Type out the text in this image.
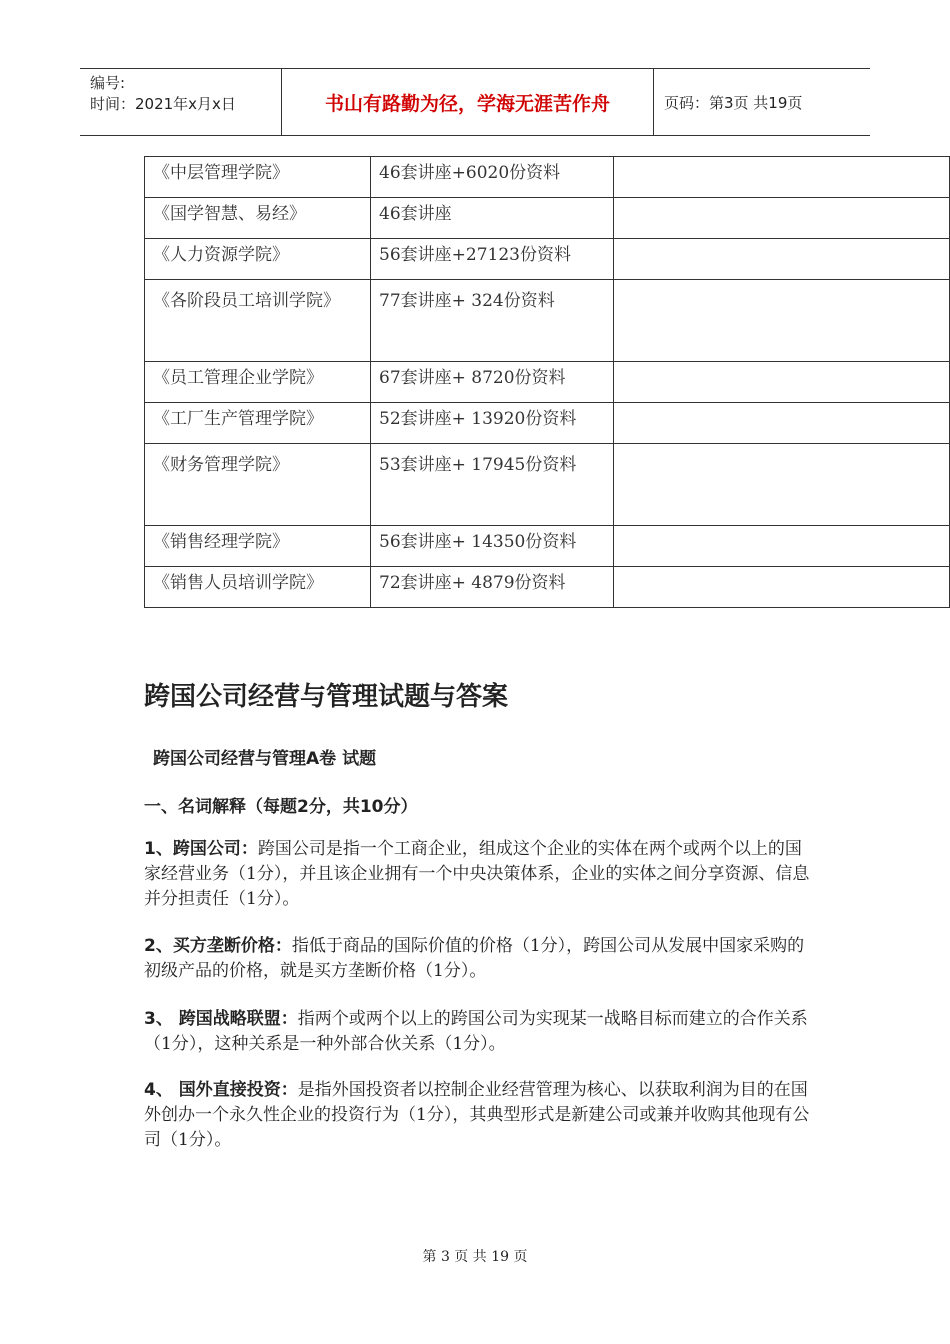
编号:
时间：2021年x月x日	书山有路勤为径，学海无涯苦作舟	页码：第3页 共19页
《中层管理学院》	46套讲座+6020份资料	
《国学智慧、易经》	46套讲座	
《人力资源学院》	56套讲座+27123份资料	
《各阶段员工培训学院》	77套讲座+ 324份资料	
《员工管理企业学院》	67套讲座+ 8720份资料	
《工厂生产管理学院》	52套讲座+ 13920份资料	
《财务管理学院》	53套讲座+ 17945份资料	
《销售经理学院》	56套讲座+ 14350份资料	
《销售人员培训学院》	72套讲座+ 4879份资料	
跨国公司经营与管理试题与答案
跨国公司经营与管理A卷 试题
一、名词解释（每题2分，共10分）

1、跨国公司：跨国公司是指一个工商企业，组成这个企业的实体在两个或两个以上的国家经营业务（1分），并且该企业拥有一个中央决策体系，企业的实体之间分享资源、信息并分担责任（1分）。

2、买方垄断价格：指低于商品的国际价值的价格（1分），跨国公司从发展中国家采购的初级产品的价格，就是买方垄断价格（1分）。

3、 跨国战略联盟：指两个或两个以上的跨国公司为实现某一战略目标而建立的合作关系（1分），这种关系是一种外部合伙关系（1分）。

4、 国外直接投资：是指外国投资者以控制企业经营管理为核心、以获取利润为目的在国外创办一个永久性企业的投资行为（1分），其典型形式是新建公司或兼并收购其他现有公司（1分）。

第 3 页 共 19 页
